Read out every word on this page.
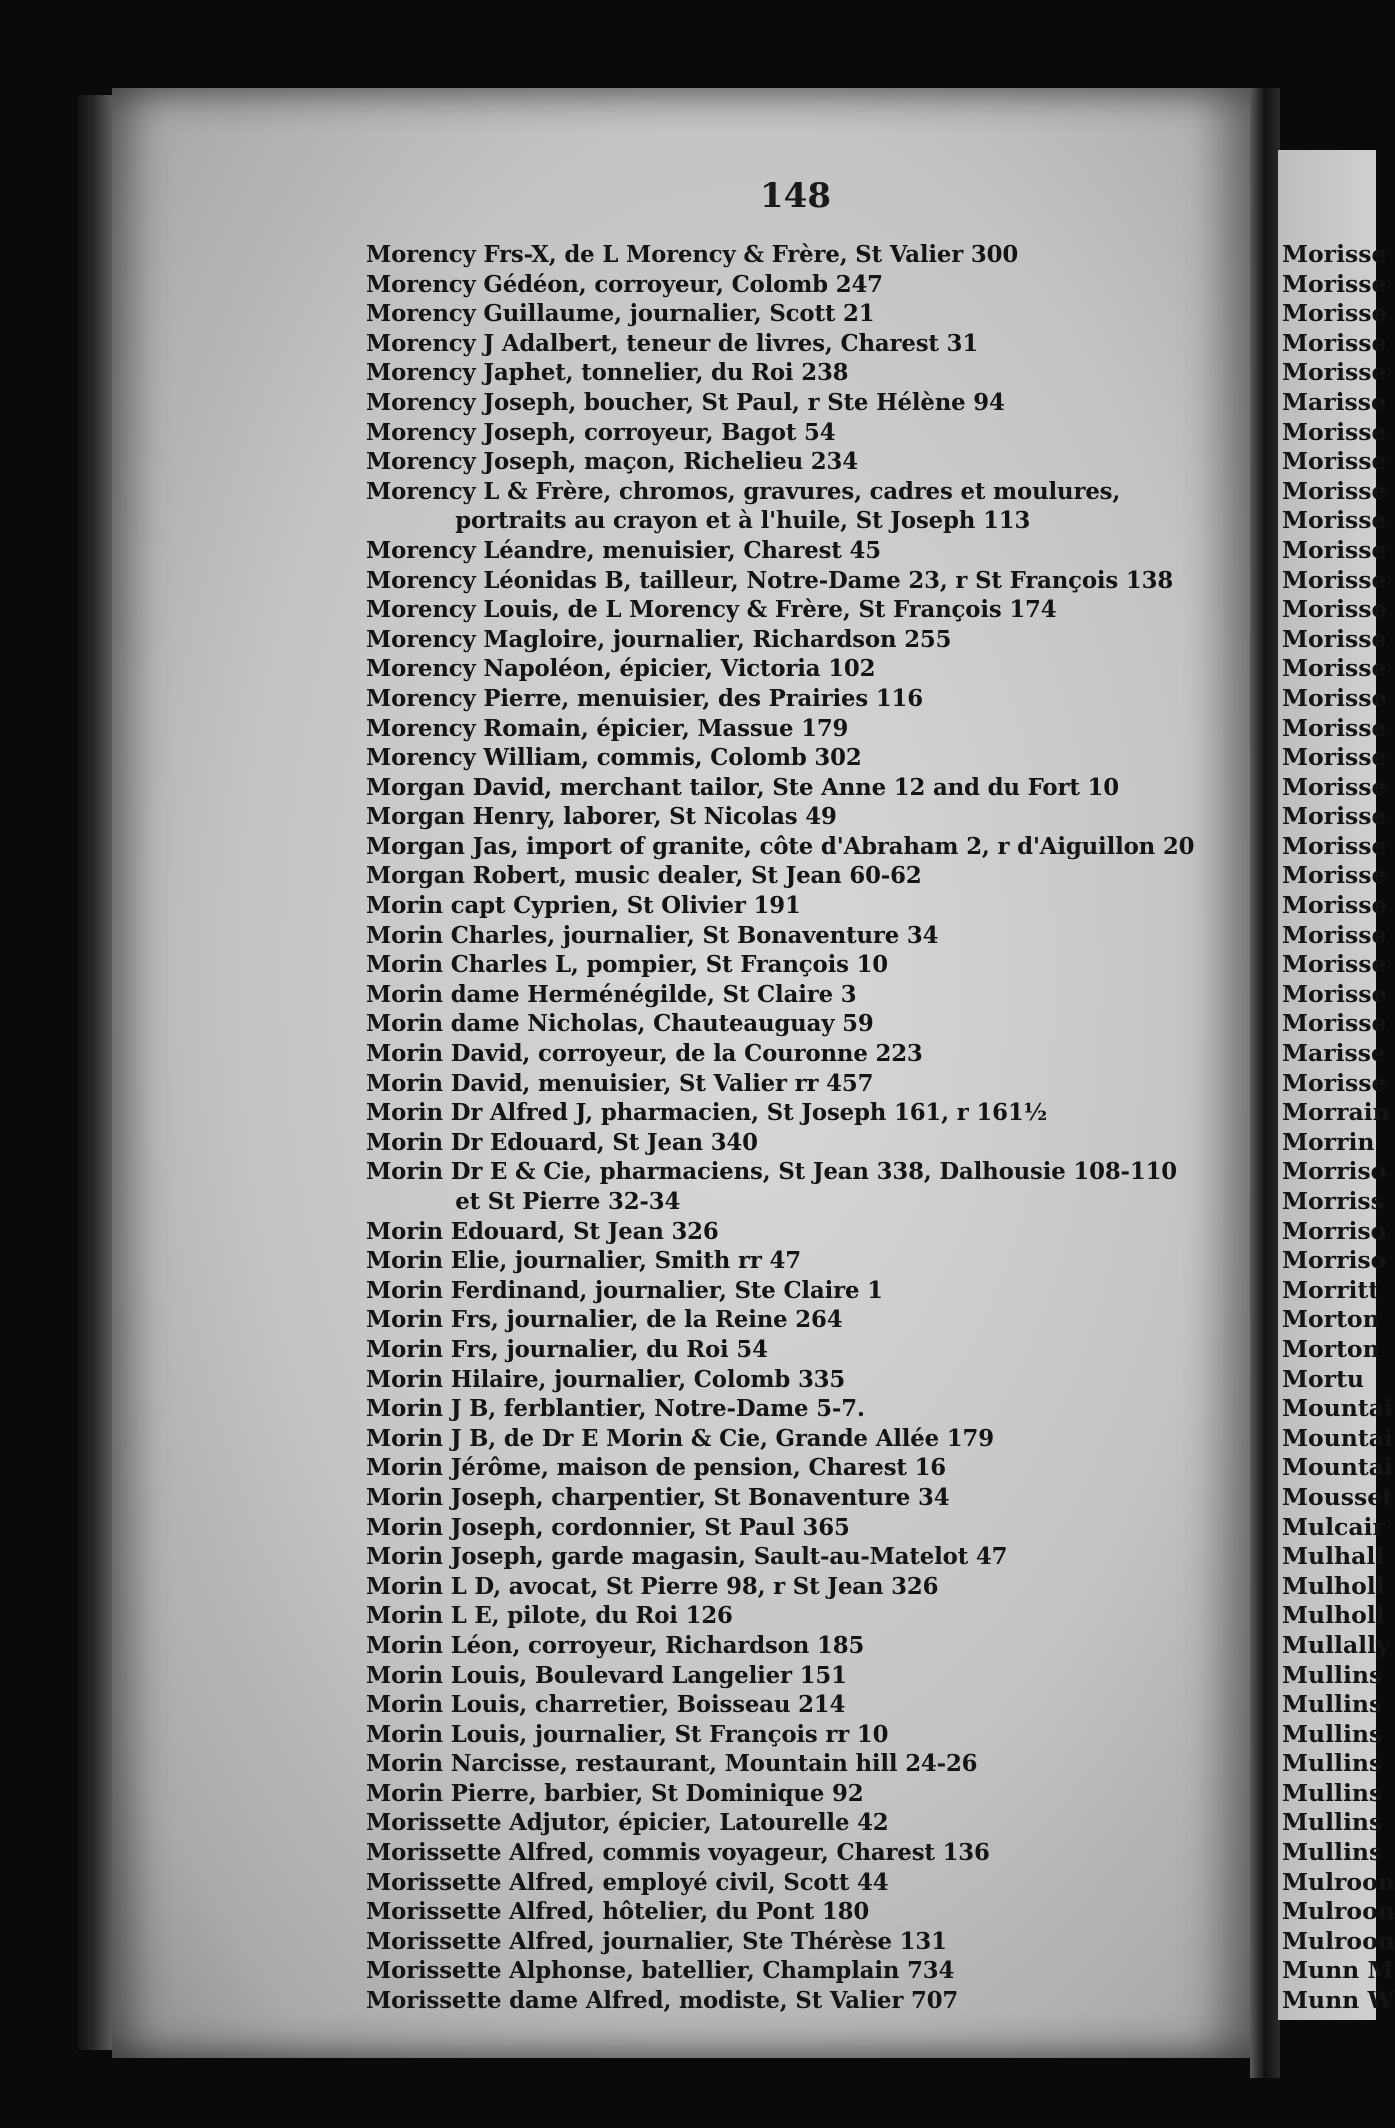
148
Morency Frs-X, de L Morency & Frère, St Valier 300
Morency Gédéon, corroyeur, Colomb 247
Morency Guillaume, journalier, Scott 21
Morency J Adalbert, teneur de livres, Charest 31
Morency Japhet, tonnelier, du Roi 238
Morency Joseph, boucher, St Paul, r Ste Hélène 94
Morency Joseph, corroyeur, Bagot 54
Morency Joseph, maçon, Richelieu 234
Morency L & Frère, chromos, gravures, cadres et moulures,
portraits au crayon et à l'huile, St Joseph 113
Morency Léandre, menuisier, Charest 45
Morency Léonidas B, tailleur, Notre-Dame 23, r St François 138
Morency Louis, de L Morency & Frère, St François 174
Morency Magloire, journalier, Richardson 255
Morency Napoléon, épicier, Victoria 102
Morency Pierre, menuisier, des Prairies 116
Morency Romain, épicier, Massue 179
Morency William, commis, Colomb 302
Morgan David, merchant tailor, Ste Anne 12 and du Fort 10
Morgan Henry, laborer, St Nicolas 49
Morgan Jas, import of granite, côte d'Abraham 2, r d'Aiguillon 20
Morgan Robert, music dealer, St Jean 60-62
Morin capt Cyprien, St Olivier 191
Morin Charles, journalier, St Bonaventure 34
Morin Charles L, pompier, St François 10
Morin dame Herménégilde, St Claire 3
Morin dame Nicholas, Chauteauguay 59
Morin David, corroyeur, de la Couronne 223
Morin David, menuisier, St Valier rr 457
Morin Dr Alfred J, pharmacien, St Joseph 161, r 161½
Morin Dr Edouard, St Jean 340
Morin Dr E & Cie, pharmaciens, St Jean 338, Dalhousie 108-110
et St Pierre 32-34
Morin Edouard, St Jean 326
Morin Elie, journalier, Smith rr 47
Morin Ferdinand, journalier, Ste Claire 1
Morin Frs, journalier, de la Reine 264
Morin Frs, journalier, du Roi 54
Morin Hilaire, journalier, Colomb 335
Morin J B, ferblantier, Notre-Dame 5-7.
Morin J B, de Dr E Morin & Cie, Grande Allée 179
Morin Jérôme, maison de pension, Charest 16
Morin Joseph, charpentier, St Bonaventure 34
Morin Joseph, cordonnier, St Paul 365
Morin Joseph, garde magasin, Sault-au-Matelot 47
Morin L D, avocat, St Pierre 98, r St Jean 326
Morin L E, pilote, du Roi 126
Morin Léon, corroyeur, Richardson 185
Morin Louis, Boulevard Langelier 151
Morin Louis, charretier, Boisseau 214
Morin Louis, journalier, St François rr 10
Morin Narcisse, restaurant, Mountain hill 24-26
Morin Pierre, barbier, St Dominique 92
Morissette Adjutor, épicier, Latourelle 42
Morissette Alfred, commis voyageur, Charest 136
Morissette Alfred, employé civil, Scott 44
Morissette Alfred, hôtelier, du Pont 180
Morissette Alfred, journalier, Ste Thérèse 131
Morissette Alphonse, batellier, Champlain 734
Morissette dame Alfred, modiste, St Valier 707
Morisse
Morisse
Morisse
Morisse
Morisse
Marisse
Morisse
Morisse
Morisse
Morisse
Morisse
Morisse
Morisse
Morisse
Morisse
Morisse
Morisse
Morisse
Morisse
Morisse
Morisse
Morisse
Morisse
Morisse
Morisse
Morisse
Morisse
Marisse
Morisse
Morrain
Morrin
Morriso
Morriss
Morriso
Morriso
Morritt
Morton
Morton
Mortu
Mountai
Mountai
Mountai
Mousset
Mulcair
Mulhall
Mulholl
Mulholl
Mullally
Mullins
Mullins
Mullins
Mullins
Mullins
Mullins
Mullins
Mulroon
Mulroon
Mulroon
Munn M
Munn W
